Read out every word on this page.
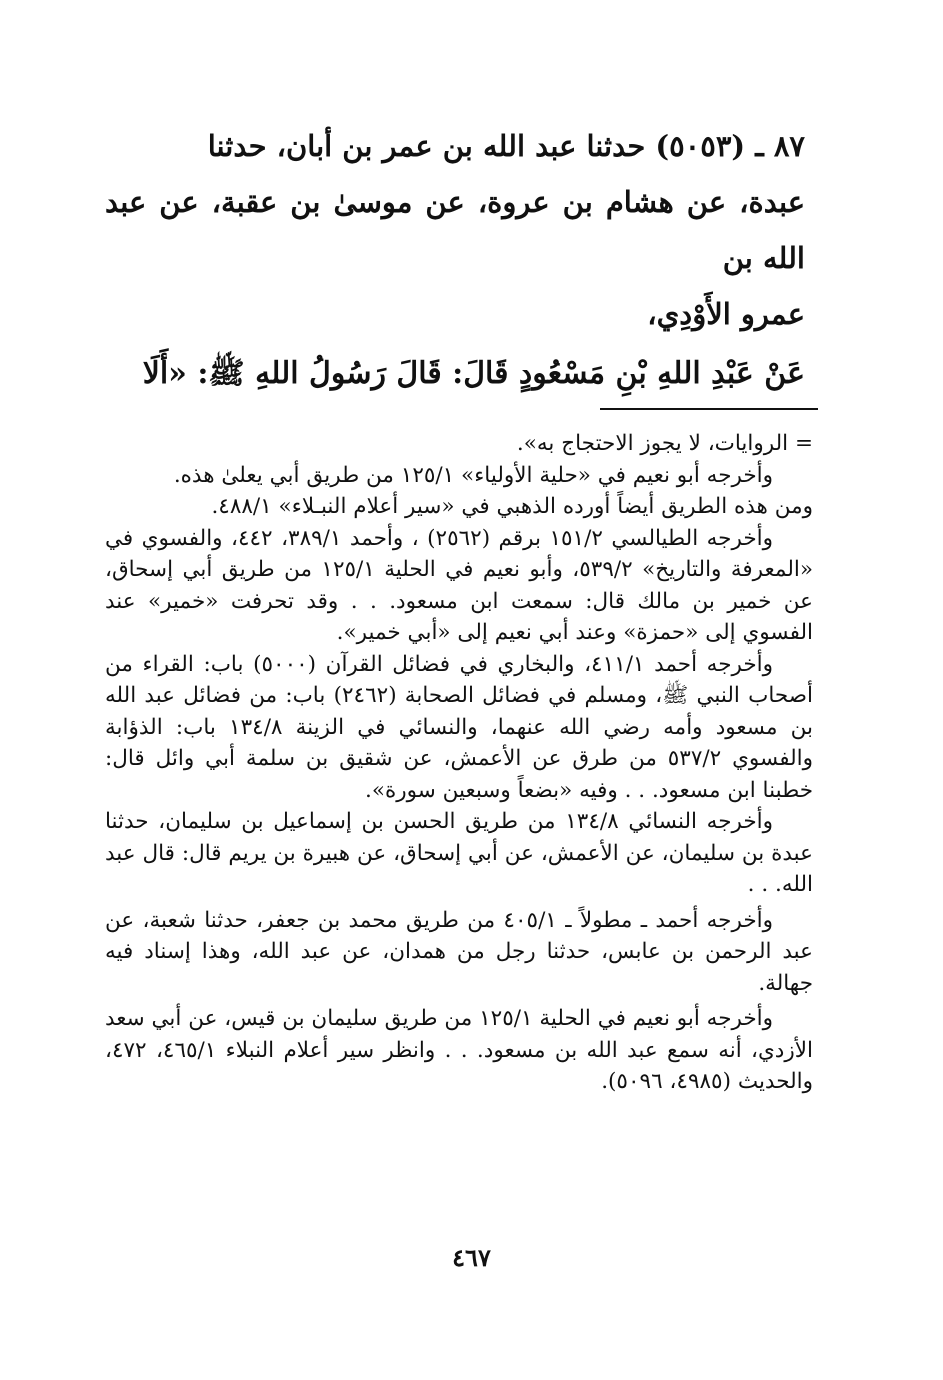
٨٧ ـ (٥٠٥٣) حدثنا عبد الله بن عمر بن أبان، حدثنا

عبدة، عن هشام بن عروة، عن موسىٰ بن عقبة، عن عبد الله بن

عمرو الأَوْدِي،

عَنْ عَبْدِ اللهِ بْنِ مَسْعُودٍ قَالَ: قَالَ رَسُولُ اللهِ ﷺ: «أَلَا

= الروايات، لا يجوز الاحتجاج به».

وأخرجه أبو نعيم في «حلية الأولياء» ١٢٥/١ من طريق أبي يعلىٰ هذه.

ومن هذه الطريق أيضاً أورده الذهبي في «سير أعلام النبـلاء» ٤٨٨/١.

وأخرجه الطيالسي ١٥١/٢ برقم (٢٥٦٢) ، وأحمد ٣٨٩/١، ٤٤٢، والفسوي في «المعرفة والتاريخ» ٥٣٩/٢، وأبو نعيم في الحلية ١٢٥/١ من طريق أبي إسحاق، عن خمير بن مالك قال: سمعت ابن مسعود. . . وقد تحرفت «خمير» عند الفسوي إلى «حمزة» وعند أبي نعيم إلى «أبي خمير».

وأخرجه أحمد ٤١١/١، والبخاري في فضائل القرآن (٥٠٠٠) باب: القراء من أصحاب النبي ﷺ، ومسلم في فضائل الصحابة (٢٤٦٢) باب: من فضائل عبد الله بن مسعود وأمه رضي الله عنهما، والنسائي في الزينة ١٣٤/٨ باب: الذؤابة والفسوي ٥٣٧/٢ من طرق عن الأعمش، عن شقيق بن سلمة أبي وائل قال: خطبنا ابن مسعود. . . وفيه «بضعاً وسبعين سورة».

وأخرجه النسائي ١٣٤/٨ من طريق الحسن بن إسماعيل بن سليمان، حدثنا عبدة بن سليمان، عن الأعمش، عن أبي إسحاق، عن هبيرة بن يريم قال: قال عبد الله. . .

وأخرجه أحمد ـ مطولاً ـ ٤٠٥/١ من طريق محمد بن جعفر، حدثنا شعبة، عن عبد الرحمن بن عابس، حدثنا رجل من همدان، عن عبد الله، وهذا إسناد فيه جهالة.

وأخرجه أبو نعيم في الحلية ١٢٥/١ من طريق سليمان بن قيس، عن أبي سعد الأزدي، أنه سمع عبد الله بن مسعود. . . وانظر سير أعلام النبلاء ٤٦٥/١، ٤٧٢، والحديث (٤٩٨٥، ٥٠٩٦).

٤٦٧
